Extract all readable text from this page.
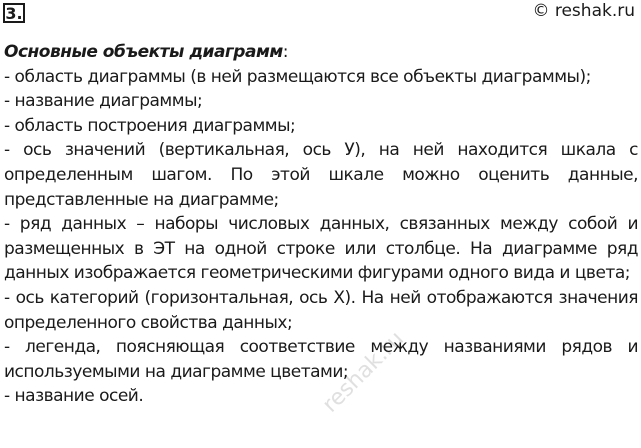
3.	© reshak.ru
reshak.ru
Основные объекты диаграмм:
- область диаграммы (в ней размещаются все объекты диаграммы);
- название диаграммы;
- область построения диаграммы;
- ось значений (вертикальная, ось У), на ней находится шкала с определенным шагом. По этой шкале можно оценить данные, представленные на диаграмме;
- ряд данных – наборы числовых данных, связанных между собой и размещенных в ЭТ на одной строке или столбце. На диаграмме ряд данных изображается геометрическими фигурами одного вида и цвета;
- ось категорий (горизонтальная, ось Х). На ней отображаются значения определенного свойства данных;
- легенда, поясняющая соответствие между названиями рядов и используемыми на диаграмме цветами;
- название осей.
